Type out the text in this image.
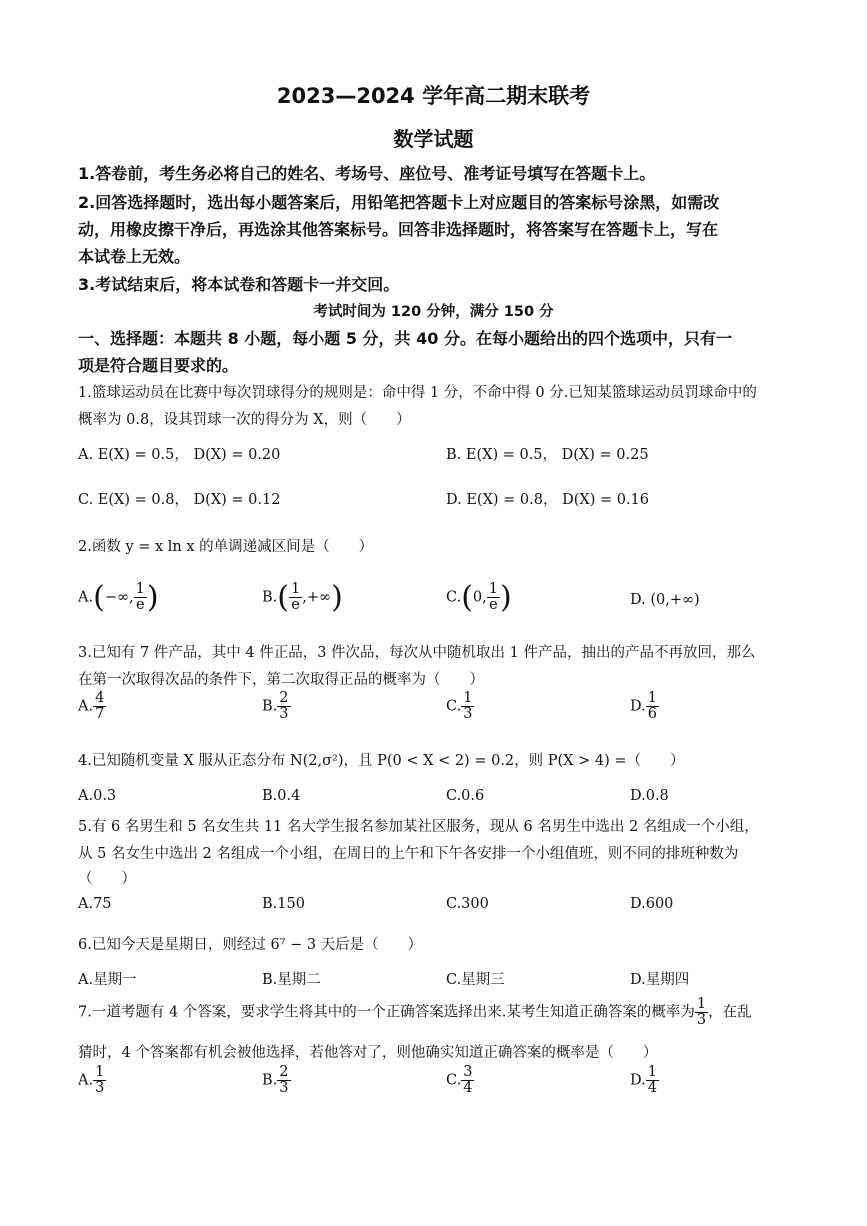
2023—2024 学年高二期末联考
数学试题
1.答卷前，考生务必将自己的姓名、考场号、座位号、准考证号填写在答题卡上。
2.回答选择题时，选出每小题答案后，用铅笔把答题卡上对应题目的答案标号涂黑，如需改
动，用橡皮擦干净后，再选涂其他答案标号。回答非选择题时，将答案写在答题卡上，写在
本试卷上无效。
3.考试结束后，将本试卷和答题卡一并交回。
考试时间为 120 分钟，满分 150 分
一、选择题：本题共 8 小题，每小题 5 分，共 40 分。在每小题给出的四个选项中，只有一
项是符合题目要求的。
1.篮球运动员在比赛中每次罚球得分的规则是：命中得 1 分，不命中得 0 分.已知某篮球运动员罚球命中的
概率为 0.8，设其罚球一次的得分为 X，则（　　）
A. E(X) = 0.5， D(X) = 0.20	B. E(X) = 0.5， D(X) = 0.25
C. E(X) = 0.8， D(X) = 0.12	D. E(X) = 0.8， D(X) = 0.16
2.函数 y = x ln x 的单调递减区间是（　　）
A.(−∞, $\frac{1}{e}$ )	$B.( \frac{1}{e}$ ,+∞)	C.(0, $\frac{1}{e}$ )	D. (0,+∞)
3.已知有 7 件产品，其中 4 件正品，3 件次品，每次从中随机取出 1 件产品，抽出的产品不再放回，那么
在第一次取得次品的条件下，第二次取得正品的概率为（　　）
A. $\frac{4}{7}$	B. $\frac{2}{3}$	C. $\frac{1}{3}$	D. $\frac{1}{6}$
4.已知随机变量 X 服从正态分布 N(2,σ²)，且 P(0 < X < 2) = 0.2，则 P(X > 4) =（　　）
A.0.3	B.0.4	C.0.6	D.0.8
5.有 6 名男生和 5 名女生共 11 名大学生报名参加某社区服务，现从 6 名男生中选出 2 名组成一个小组，
从 5 名女生中选出 2 名组成一个小组，在周日的上午和下午各安排一个小组值班，则不同的排班种数为
（　　）
A.75	B.150	C.300	D.600
6.已知今天是星期日，则经过 6⁷ − 3 天后是（　　）
A.星期一	B.星期二	C.星期三	D.星期四
7.一道考题有 4 个答案，要求学生将其中的一个正确答案选择出来.某考生知道正确答案的概率为 $\frac{1}{3}$ ，在乱
猜时，4 个答案都有机会被他选择，若他答对了，则他确实知道正确答案的概率是（　　）
A. $\frac{1}{3}$	B. $\frac{2}{3}$	C. $\frac{3}{4}$	D. $\frac{1}{4}$
